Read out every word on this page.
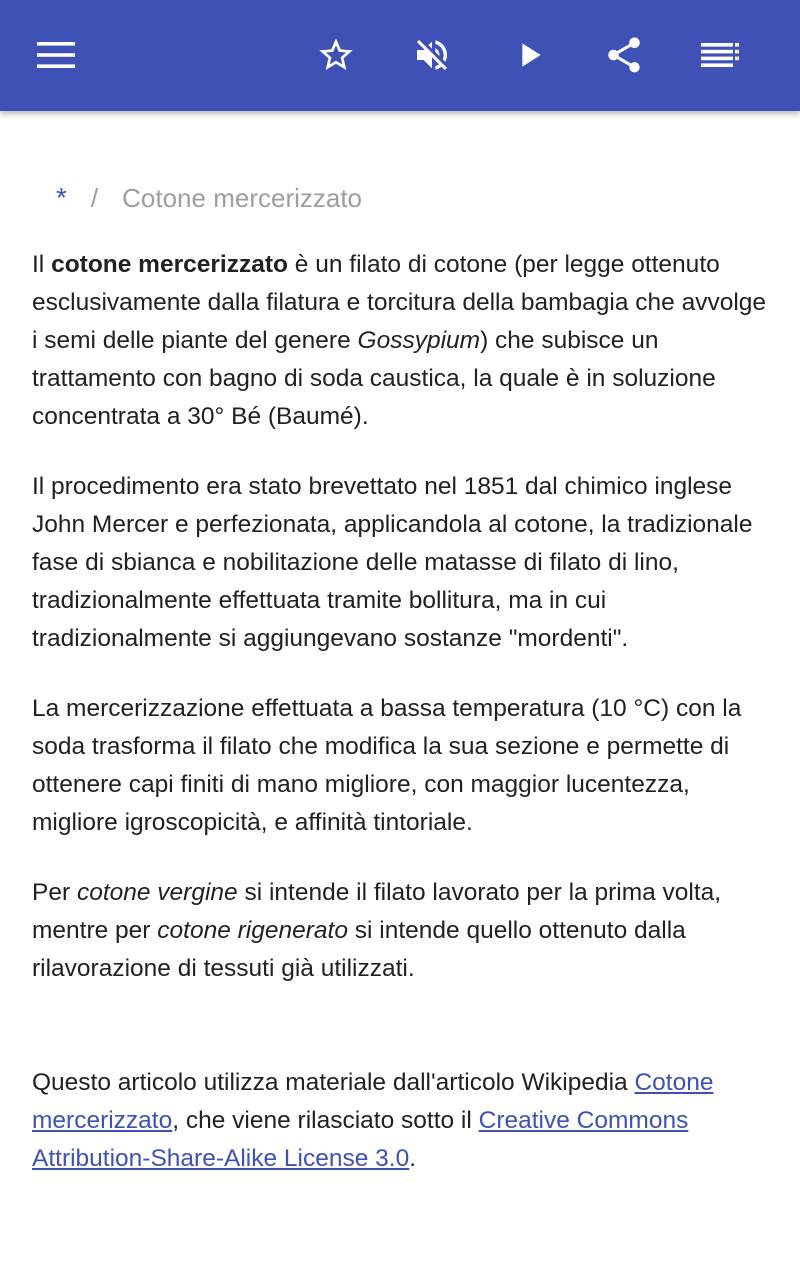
* / Cotone mercerizzato

Il cotone mercerizzato è un filato di cotone (per legge ottenuto esclusivamente dalla filatura e torcitura della bambagia che avvolge i semi delle piante del genere Gossypium) che subisce un trattamento con bagno di soda caustica, la quale è in soluzione concentrata a 30° Bé (Baumé).

Il procedimento era stato brevettato nel 1851 dal chimico inglese John Mercer e perfezionata, applicandola al cotone, la tradizionale fase di sbianca e nobilitazione delle matasse di filato di lino, tradizionalmente effettuata tramite bollitura, ma in cui tradizionalmente si aggiungevano sostanze "mordenti".

La mercerizzazione effettuata a bassa temperatura (10 °C) con la soda trasforma il filato che modifica la sua sezione e permette di ottenere capi finiti di mano migliore, con maggior lucentezza, migliore igroscopicità, e affinità tintoriale.

Per cotone vergine si intende il filato lavorato per la prima volta, mentre per cotone rigenerato si intende quello ottenuto dalla rilavorazione di tessuti già utilizzati.

Questo articolo utilizza materiale dall'articolo Wikipedia Cotone mercerizzato, che viene rilasciato sotto il Creative Commons Attribution-Share-Alike License 3.0.
